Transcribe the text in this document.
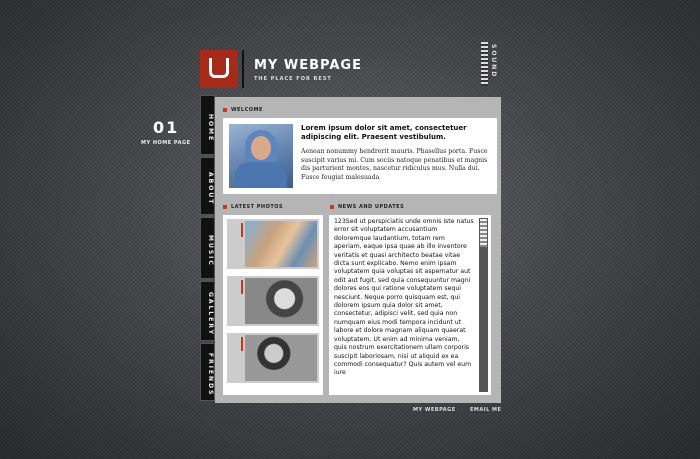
MY WEBPAGE
THE PLACE FOR REST
SOUND
01
MY HOME PAGE
HOME
ABOUT
MUSIC
GALLERY
FRIENDS
WELCOME
Lorem ipsum dolor sit amet, consectetuer adipiscing elit. Praesent vestibulum.
Aenean nonummy hendrerit mauris. Phasellus porta. Fusce suscipit varius mi. Cum sociis natoque penatibus et magnis dis parturient montes, nascetur ridiculus mus. Nulla dui. Fusce feugiat malesuada
LATEST PHOTOS	NEWS AND UPDATES
123Sed ut perspiciatis unde omnis iste natus error sit voluptatem accusantium doloremque laudantium, totam rem aperiam, eaque ipsa quae ab illo inventore veritatis et quasi architecto beatae vitae dicta sunt explicabo. Nemo enim ipsam voluptatem quia voluptas sit aspernatur aut odit aut fugit, sed quia consequuntur magni dolores eos qui ratione voluptatem sequi nesciunt. Neque porro quisquam est, qui dolorem ipsum quia dolor sit amet, consectetur, adipisci velit, sed quia non numquam eius modi tempora incidunt ut labore et dolore magnam aliquam quaerat voluptatem. Ut enim ad minima veniam, quis nostrum exercitationem ullam corporis suscipit laboriosam, nisi ut aliquid ex ea commodi consequatur? Quis autem vel eum iure
MY WEBPAGE	EMAIL ME
